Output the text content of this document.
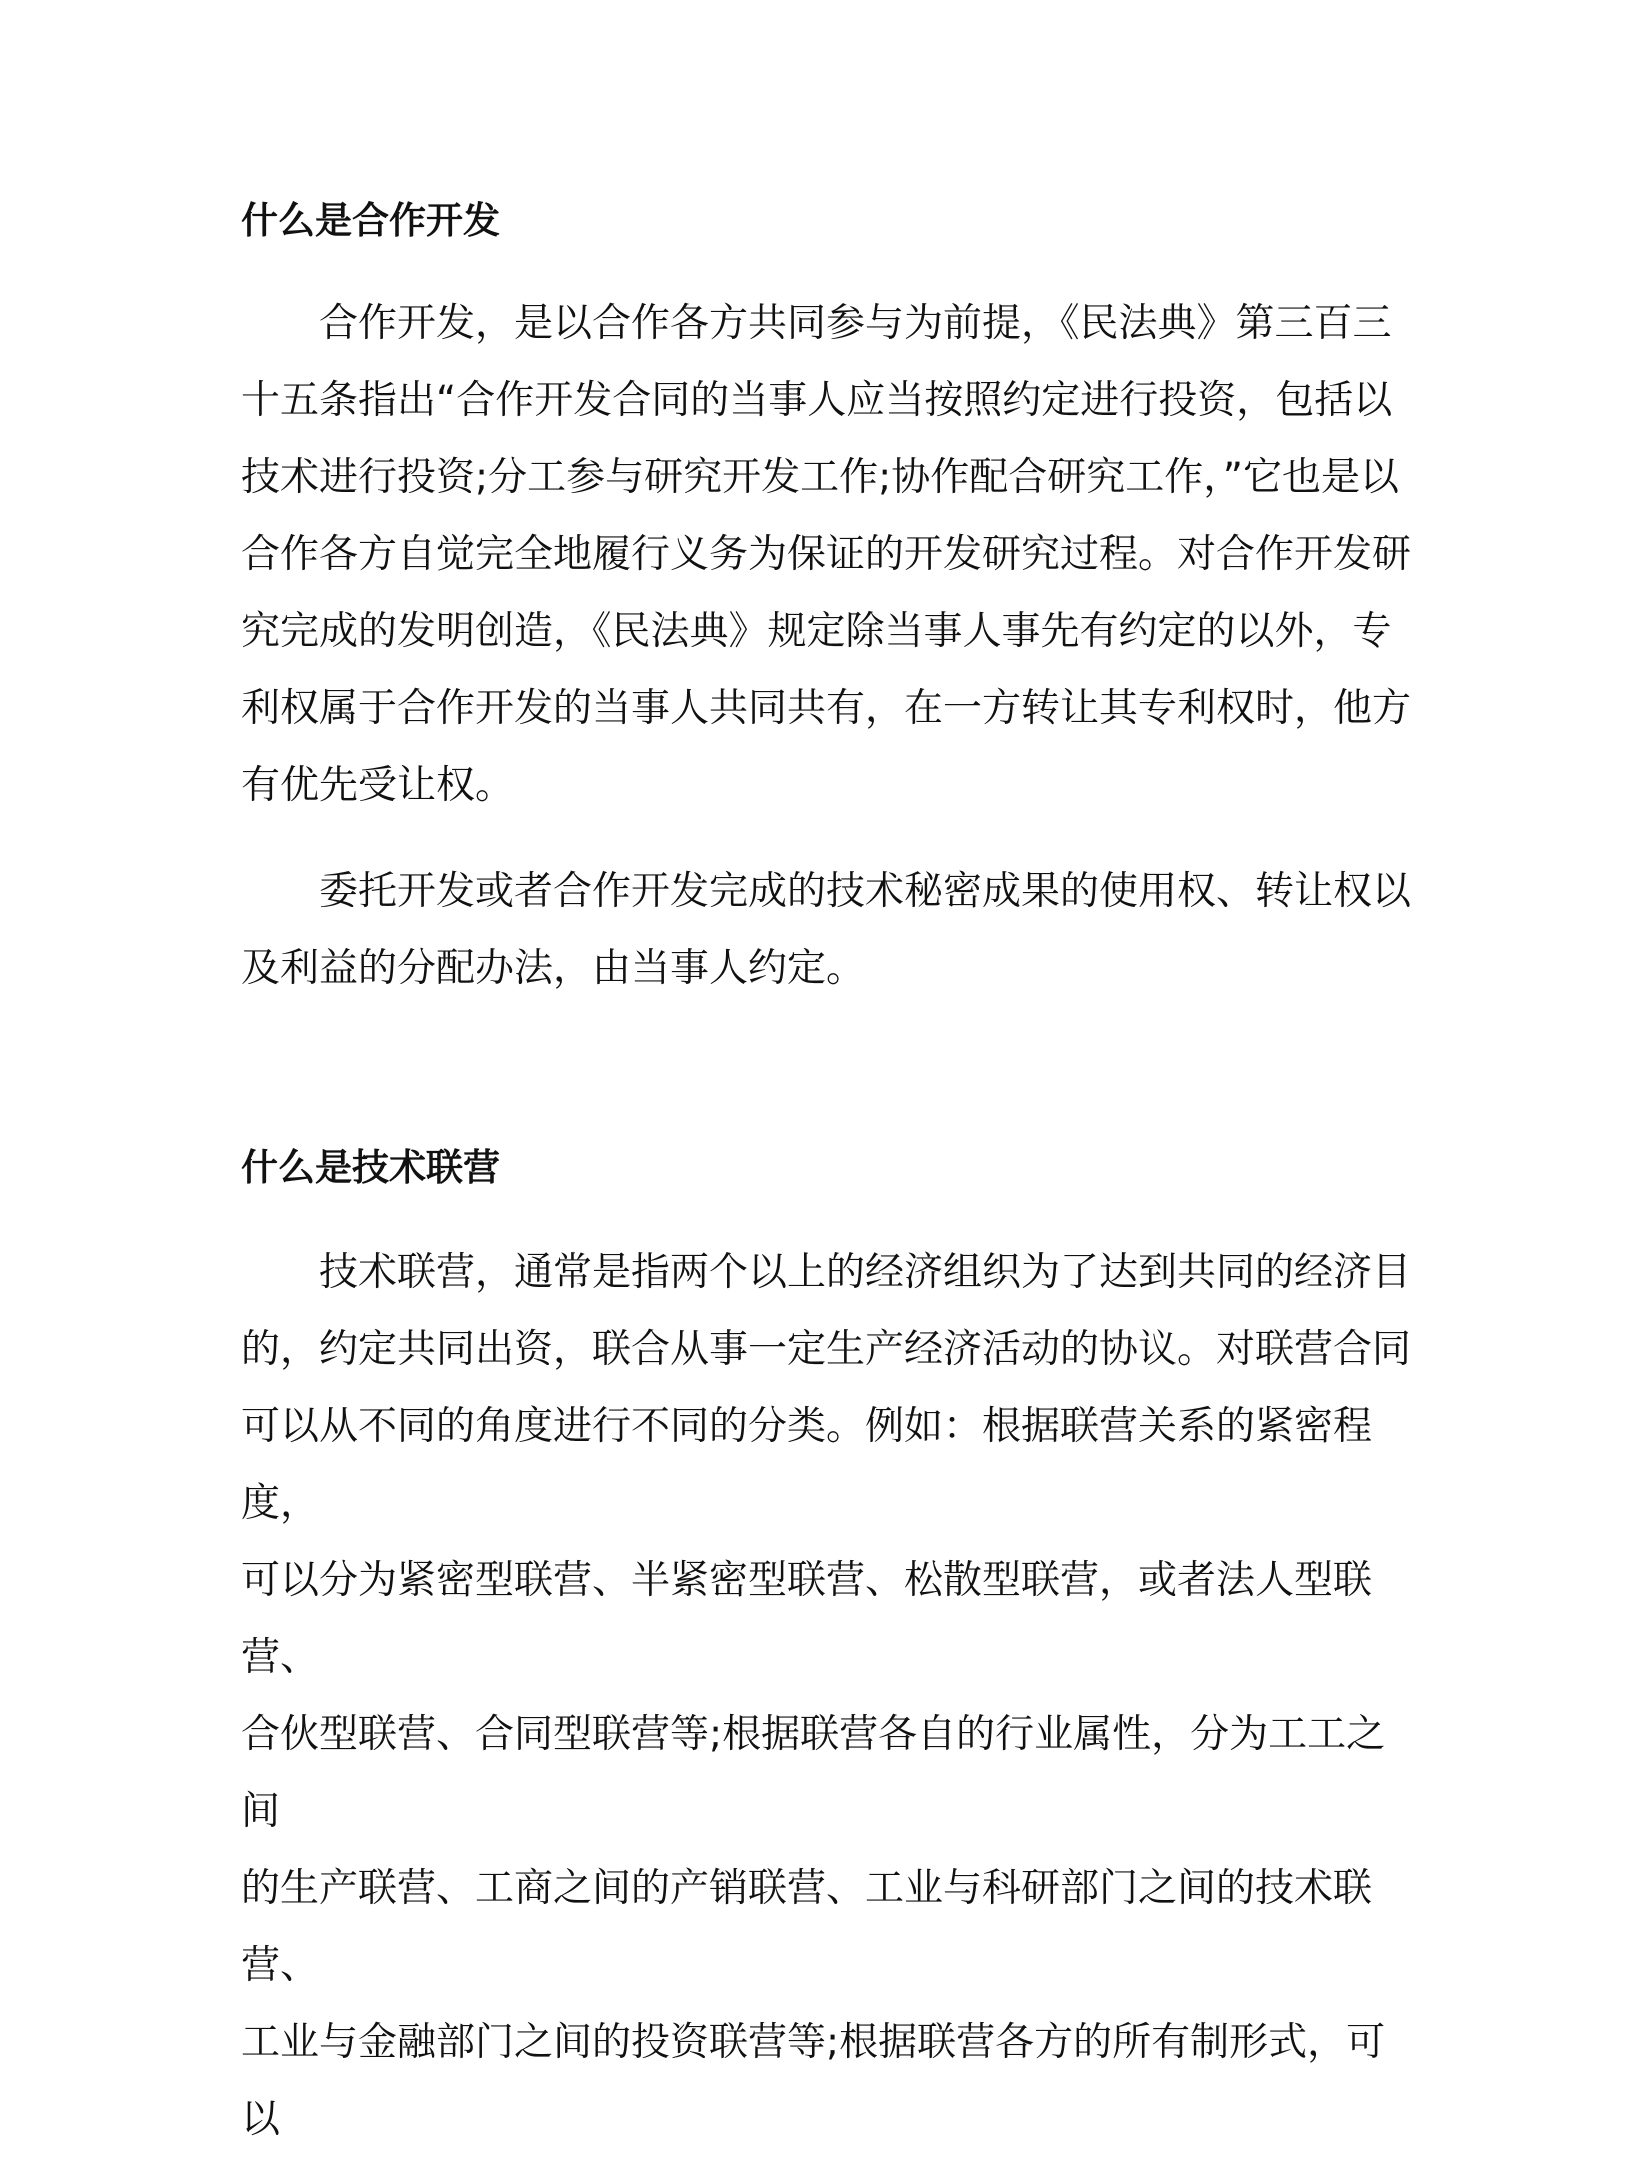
什么是合作开发

合作开发，是以合作各方共同参与为前提，《民法典》第三百三
十五条指出“合作开发合同的当事人应当按照约定进行投资，包括以
技术进行投资;分工参与研究开发工作;协作配合研究工作，”它也是以
合作各方自觉完全地履行义务为保证的开发研究过程。对合作开发研
究完成的发明创造，《民法典》规定除当事人事先有约定的以外，专
利权属于合作开发的当事人共同共有，在一方转让其专利权时，他方
有优先受让权。

委托开发或者合作开发完成的技术秘密成果的使用权、转让权以
及利益的分配办法，由当事人约定。

什么是技术联营

技术联营，通常是指两个以上的经济组织为了达到共同的经济目
的，约定共同出资，联合从事一定生产经济活动的协议。对联营合同
可以从不同的角度进行不同的分类。例如：根据联营关系的紧密程度，
可以分为紧密型联营、半紧密型联营、松散型联营，或者法人型联营、
合伙型联营、合同型联营等;根据联营各自的行业属性，分为工工之间
的生产联营、工商之间的产销联营、工业与科研部门之间的技术联营、
工业与金融部门之间的投资联营等;根据联营各方的所有制形式，可以
